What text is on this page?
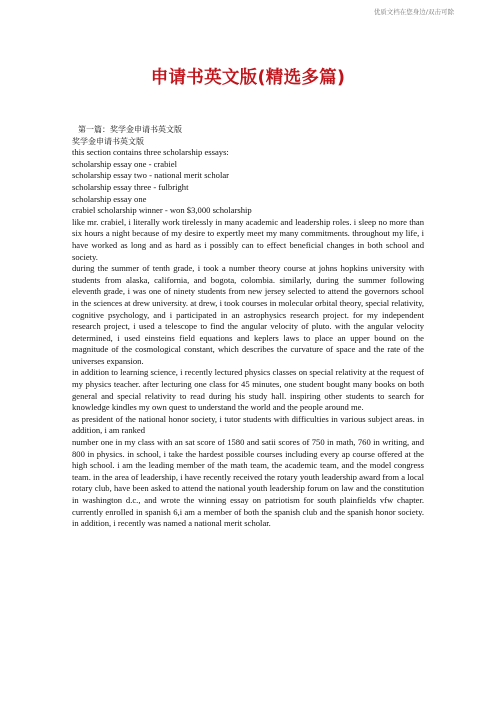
优质文档在您身边/双击可除
申请书英文版(精选多篇)

第一篇：奖学金申请书英文版

奖学金申请书英文版

this section contains three scholarship essays:

scholarship essay one - crabiel

scholarship essay two - national merit scholar

scholarship essay three - fulbright

scholarship essay one

crabiel scholarship winner - won $3,000 scholarship

like mr. crabiel, i literally work tirelessly in many academic and leadership roles. i sleep no more than six hours a night because of my desire to expertly meet my many commitments. throughout my life, i have worked as long and as hard as i possibly can to effect beneficial changes in both school and society.

during the summer of tenth grade, i took a number theory course at johns hopkins university with students from alaska, california, and bogota, colombia. similarly, during the summer following eleventh grade, i was one of ninety students from new jersey selected to attend the governors school in the sciences at drew university. at drew, i took courses in molecular orbital theory, special relativity, cognitive psychology, and i participated in an astrophysics research project. for my independent research project, i used a telescope to find the angular velocity of pluto. with the angular velocity determined, i used einsteins field equations and keplers laws to place an upper bound on the magnitude of the cosmological constant, which describes the curvature of space and the rate of the universes expansion.

in addition to learning science, i recently lectured physics classes on special relativity at the request of my physics teacher. after lecturing one class for 45 minutes, one student bought many books on both general and special relativity to read during his study hall. inspiring other students to search for knowledge kindles my own quest to understand the world and the people around me.

as president of the national honor society, i tutor students with difficulties in various subject areas. in addition, i am ranked

number one in my class with an sat score of 1580 and satii scores of 750 in math, 760 in writing, and 800 in physics. in school, i take the hardest possible courses including every ap course offered at the high school. i am the leading member of the math team, the academic team, and the model congress team. in the area of leadership, i have recently received the rotary youth leadership award from a local rotary club, have been asked to attend the national youth leadership forum on law and the constitution in washington d.c., and wrote the winning essay on patriotism for south plainfields vfw chapter. currently enrolled in spanish 6,i am a member of both the spanish club and the spanish honor society. in addition, i recently was named a national merit scholar.
